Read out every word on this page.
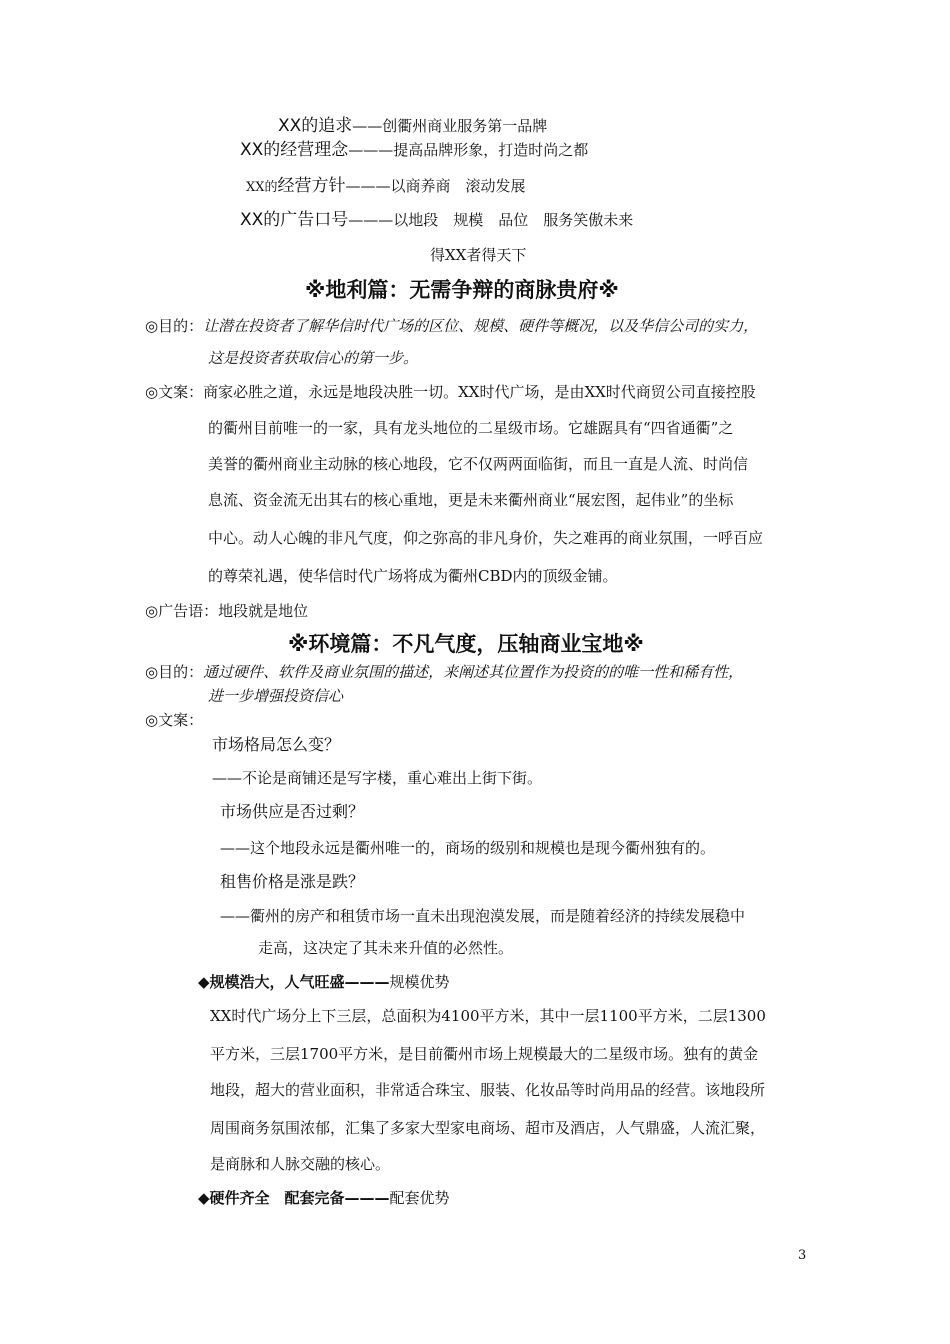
XX的追求——创衢州商业服务第一品牌
XX的经营理念———提高品牌形象，打造时尚之都
XX的经营方针———以商养商　滚动发展
XX的广告口号———以地段　规模　品位　服务笑傲未来
得XX者得天下
※地利篇：无需争辩的商脉贵府※
◎目的：让潜在投资者了解华信时代广场的区位、规模、硬件等概况，以及华信公司的实力，
这是投资者获取信心的第一步。
◎文案：商家必胜之道，永远是地段决胜一切。XX时代广场，是由XX时代商贸公司直接控股
的衢州目前唯一的一家，具有龙头地位的二星级市场。它雄踞具有“四省通衢”之
美誉的衢州商业主动脉的核心地段，它不仅两两面临街，而且一直是人流、时尚信
息流、资金流无出其右的核心重地，更是未来衢州商业“展宏图，起伟业”的坐标
中心。动人心魄的非凡气度，仰之弥高的非凡身价，失之难再的商业氛围，一呼百应
的尊荣礼遇，使华信时代广场将成为衢州CBD内的顶级金铺。
◎广告语：地段就是地位
※环境篇：不凡气度，压轴商业宝地※
◎目的：通过硬件、软件及商业氛围的描述，来阐述其位置作为投资的的唯一性和稀有性，
进一步增强投资信心
◎文案：
市场格局怎么变？
——不论是商铺还是写字楼，重心难出上街下街。
市场供应是否过剩？
——这个地段永远是衢州唯一的，商场的级别和规模也是现今衢州独有的。
租售价格是涨是跌？
——衢州的房产和租赁市场一直未出现泡漠发展，而是随着经济的持续发展稳中
走高，这决定了其未来升值的必然性。
◆规模浩大，人气旺盛———规模优势
XX时代广场分上下三层，总面积为4100平方米，其中一层1100平方米，二层1300
平方米，三层1700平方米，是目前衢州市场上规模最大的二星级市场。独有的黄金
地段，超大的营业面积，非常适合珠宝、服装、化妆品等时尚用品的经营。该地段所
周围商务氛围浓郁，汇集了多家大型家电商场、超市及酒店，人气鼎盛，人流汇聚，
是商脉和人脉交融的核心。
◆硬件齐全　配套完备———配套优势
3
